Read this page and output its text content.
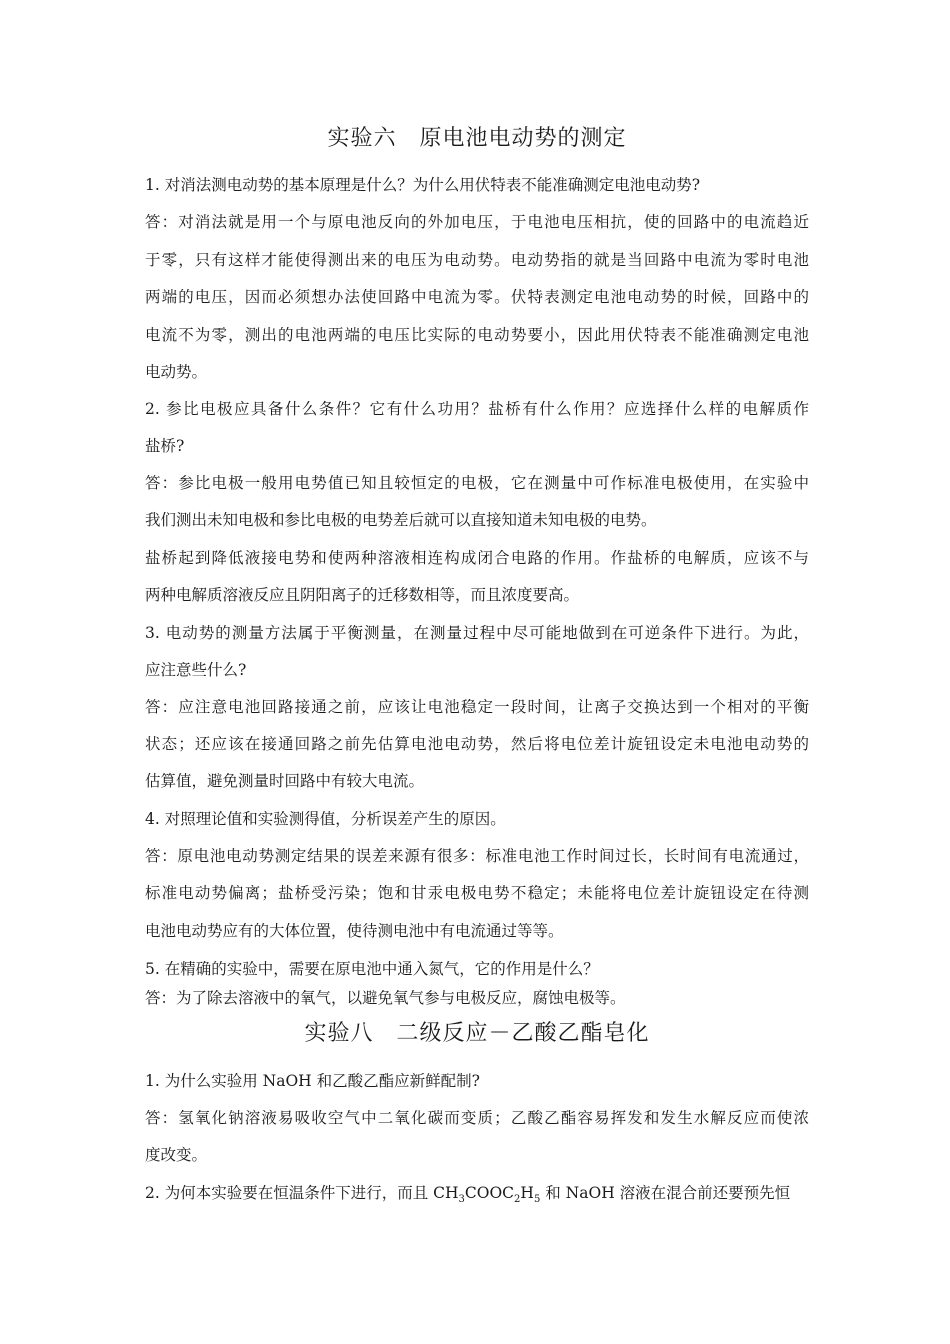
实验六　原电池电动势的测定
1. 对消法测电动势的基本原理是什么？为什么用伏特表不能准确测定电池电动势?
答：对消法就是用一个与原电池反向的外加电压，于电池电压相抗，使的回路中的电流趋近
于零，只有这样才能使得测出来的电压为电动势。电动势指的就是当回路中电流为零时电池
两端的电压，因而必须想办法使回路中电流为零。伏特表测定电池电动势的时候，回路中的
电流不为零，测出的电池两端的电压比实际的电动势要小，因此用伏特表不能准确测定电池
电动势。
2. 参比电极应具备什么条件？它有什么功用？盐桥有什么作用？应选择什么样的电解质作
盐桥?
答：参比电极一般用电势值已知且较恒定的电极，它在测量中可作标准电极使用，在实验中
我们测出未知电极和参比电极的电势差后就可以直接知道未知电极的电势。
盐桥起到降低液接电势和使两种溶液相连构成闭合电路的作用。作盐桥的电解质，应该不与
两种电解质溶液反应且阴阳离子的迁移数相等，而且浓度要高。
3. 电动势的测量方法属于平衡测量，在测量过程中尽可能地做到在可逆条件下进行。为此，
应注意些什么?
答：应注意电池回路接通之前，应该让电池稳定一段时间，让离子交换达到一个相对的平衡
状态；还应该在接通回路之前先估算电池电动势，然后将电位差计旋钮设定未电池电动势的
估算值，避免测量时回路中有较大电流。
4. 对照理论值和实验测得值，分析误差产生的原因。
答：原电池电动势测定结果的误差来源有很多：标准电池工作时间过长，长时间有电流通过，
标准电动势偏离；盐桥受污染；饱和甘汞电极电势不稳定；未能将电位差计旋钮设定在待测
电池电动势应有的大体位置，使待测电池中有电流通过等等。
5. 在精确的实验中，需要在原电池中通入氮气，它的作用是什么？
答：为了除去溶液中的氧气，以避免氧气参与电极反应，腐蚀电极等。
实验八　二级反应－乙酸乙酯皂化
1. 为什么实验用 NaOH 和乙酸乙酯应新鲜配制?
答：氢氧化钠溶液易吸收空气中二氧化碳而变质；乙酸乙酯容易挥发和发生水解反应而使浓
度改变。
2. 为何本实验要在恒温条件下进行，而且 $CH_3COOC_2H_5$ 和 NaOH 溶液在混合前还要预先恒
